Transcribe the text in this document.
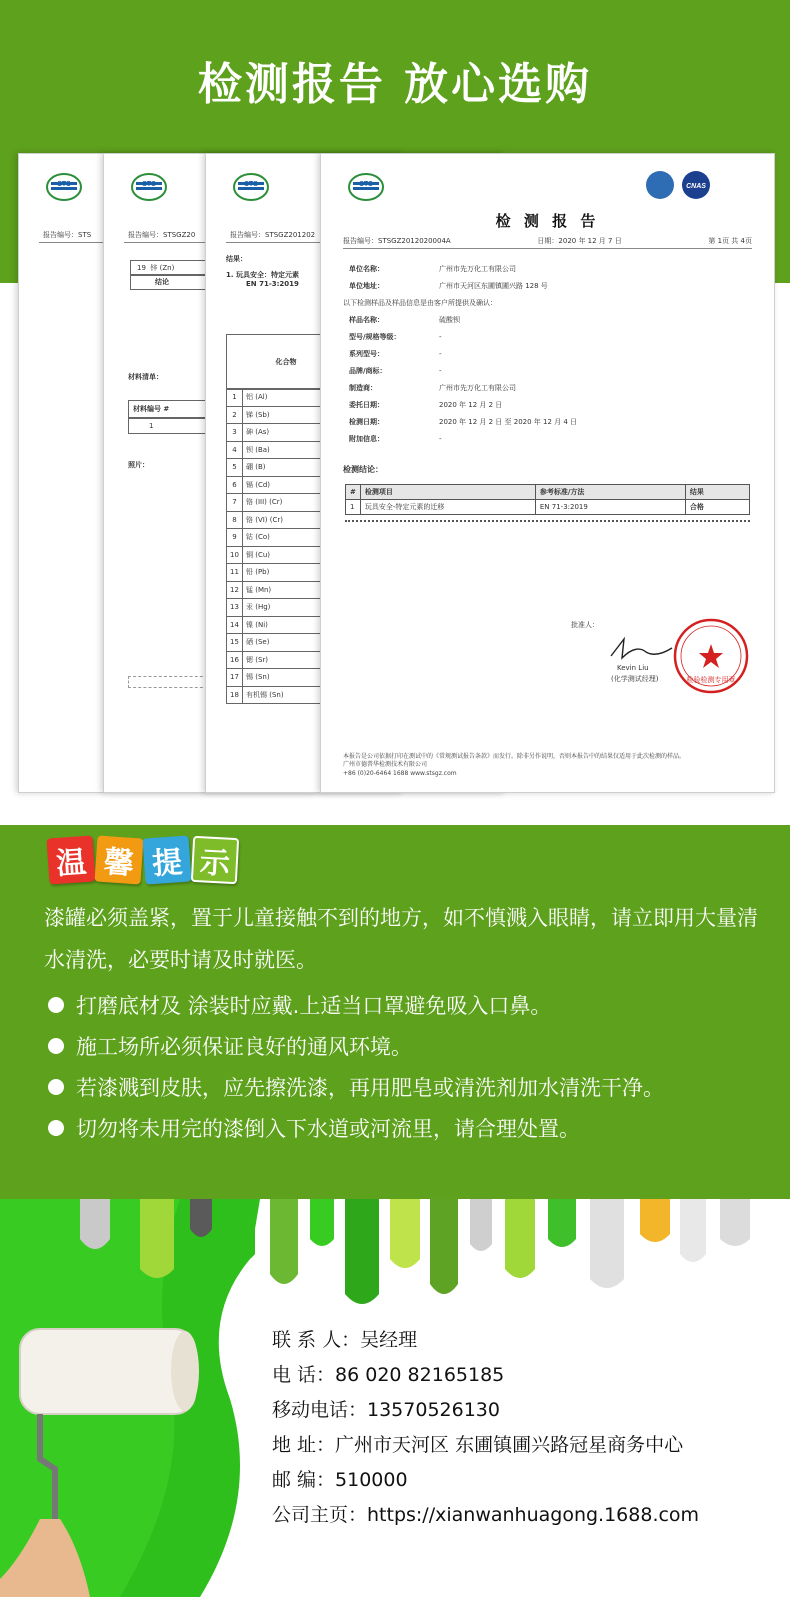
检测报告 放心选购
STS
报告编号：STS
STS
报告编号：STSGZ20
19 锌 (Zn)
结论
材料清单：
材料编号 #
1
照片：
STS
报告编号：STSGZ201202
结果：
1. 玩具安全：特定元素
EN 71-3:2019
化合物
1	铝 (Al)
2	锑 (Sb)
3	砷 (As)
4	钡 (Ba)
5	硼 (B)
6	镉 (Cd)
7	铬 (III) (Cr)
8	铬 (VI) (Cr)
9	钴 (Co)
10	铜 (Cu)
11	铅 (Pb)
12	锰 (Mn)
13	汞 (Hg)
14	镍 (Ni)
15	硒 (Se)
16	锶 (Sr)
17	锡 (Sn)
18	有机锡 (Sn)
STS	CNAS
检 测 报 告
报告编号：STSGZ2012020004A	日期：2020 年 12 月 7 日	第 1页 共 4页
检测结论：
#	检测项目	参考标准/方法	结果
1	玩具安全-特定元素的迁移	EN 71-3:2019	合格
批准人：
Kevin Liu
(化学测试经理)	检验检测专用章
本报告是公司依据打印在测试中的《常规测试报告条款》而发行。除非另作说明，否则本报告中的结果仅适用于此次检测的样品。
广州市德普华检测技术有限公司
+86 (0)20-6464 1688 www.stsgz.com
单位名称：	广州市先万化工有限公司
单位地址：	广州市天河区东圃镇圃兴路 128 号
以下检测样品及样品信息是由客户所提供及确认：
样品名称：	硫酸钡
型号/规格等级：	-
系列型号：	-
品牌/商标：	-
制造商：	广州市先万化工有限公司
委托日期：	2020 年 12 月 2 日
检测日期：	2020 年 12 月 2 日 至 2020 年 12 月 4 日
附加信息：	-
温 馨 提 示
漆罐必须盖紧，置于儿童接触不到的地方，如不慎溅入眼睛，请立即用大量清水清洗，必要时请及时就医。
打磨底材及 涂装时应戴.上适当口罩避免吸入口鼻。
施工场所必须保证良好的通风环境。
若漆溅到皮肤，应先擦洗漆，再用肥皂或清洗剂加水清洗干净。
切勿将未用完的漆倒入下水道或河流里，请合理处置。
联 系 人：吴经理
电 话：86 020 82165185
移动电话：13570526130
地 址：广州市天河区 东圃镇圃兴路冠星商务中心
邮 编：510000
公司主页：https://xianwanhuagong.1688.com
